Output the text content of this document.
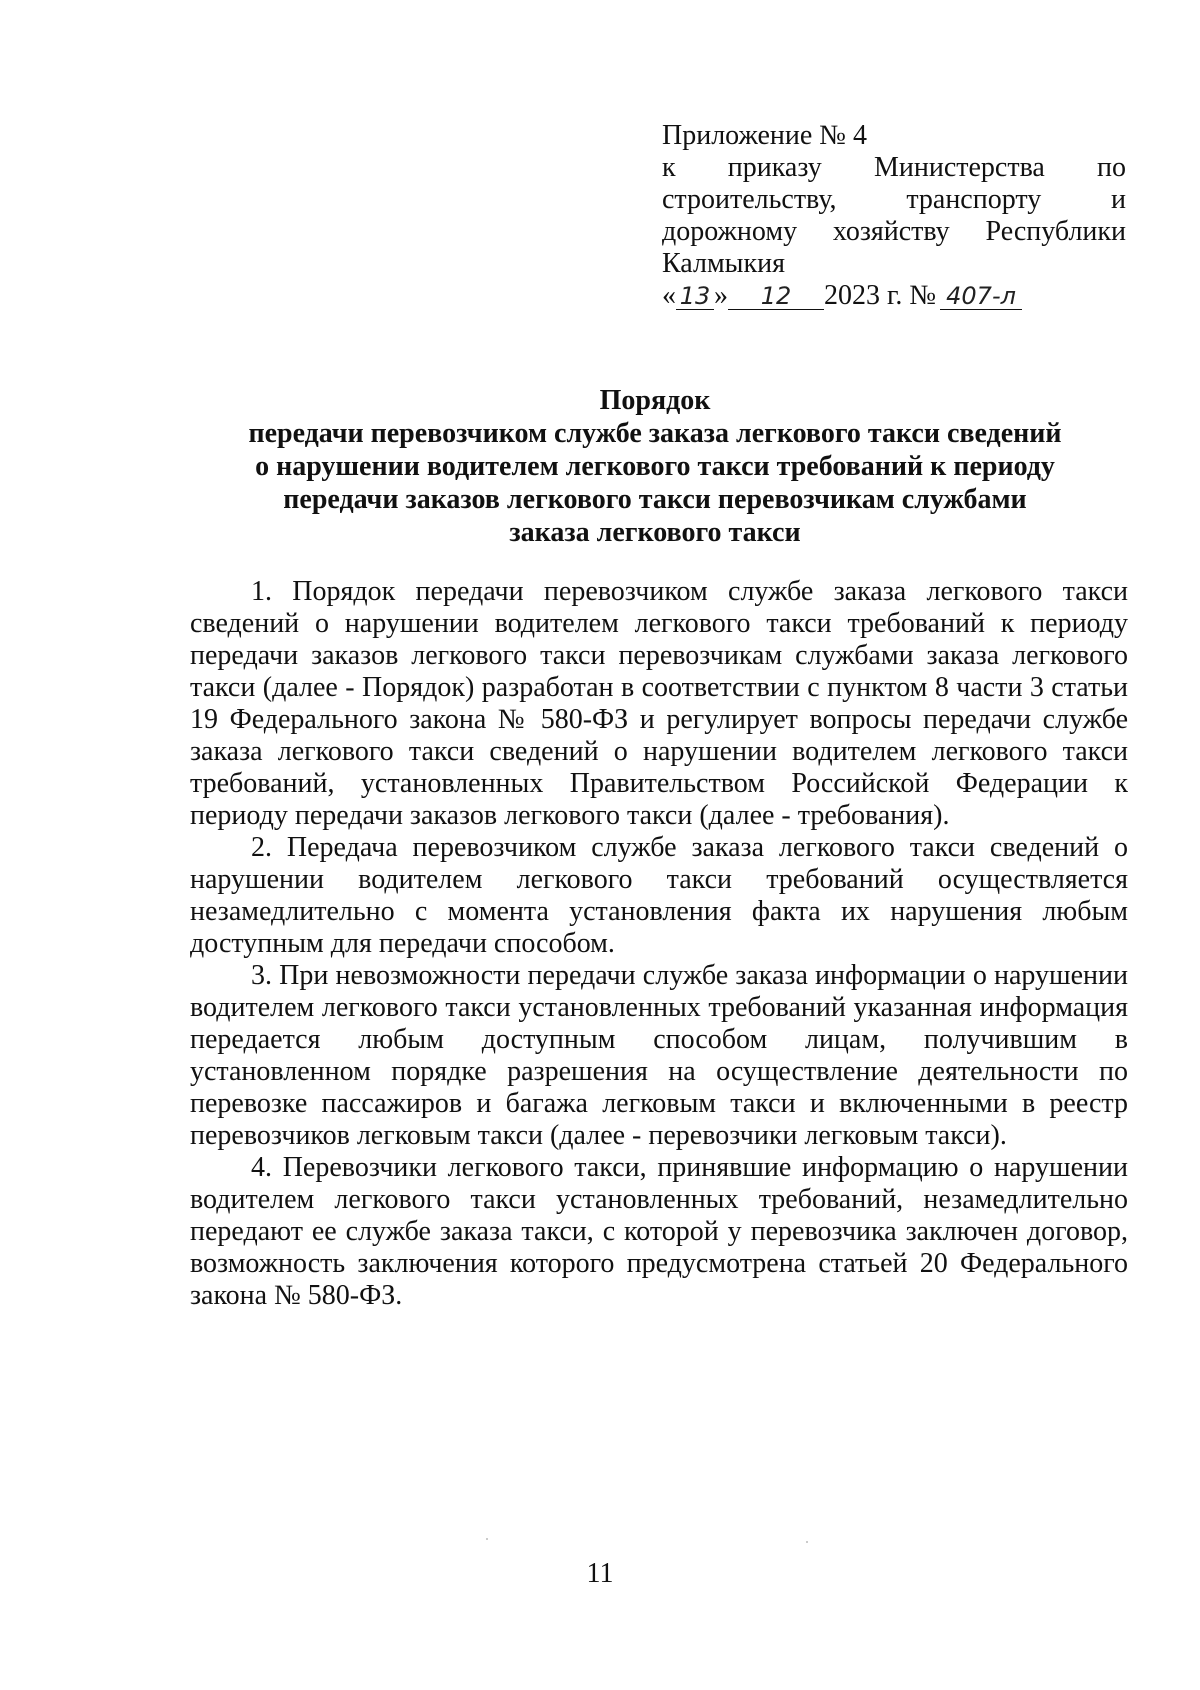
Приложение № 4
к приказу Министерства по
строительству, транспорту и
дорожному хозяйству Республики
Калмыкия
« 13 » 12 2023 г. № 407-л
Порядок
передачи перевозчиком службе заказа легкового такси сведений
о нарушении водителем легкового такси требований к периоду
передачи заказов легкового такси перевозчикам службами
заказа легкового такси

1. Порядок передачи перевозчиком службе заказа легкового такси сведений о нарушении водителем легкового такси требований к периоду передачи заказов легкового такси перевозчикам службами заказа легкового такси (далее - Порядок) разработан в соответствии с пунктом 8 части 3 статьи 19 Федерального закона № 580-ФЗ и регулирует вопросы передачи службе заказа легкового такси сведений о нарушении водителем легкового такси требований, установленных Правительством Российской Федерации к периоду передачи заказов легкового такси (далее - требования).

2. Передача перевозчиком службе заказа легкового такси сведений о нарушении водителем легкового такси требований осуществляется незамедлительно с момента установления факта их нарушения любым доступным для передачи способом.

3. При невозможности передачи службе заказа информации о нарушении водителем легкового такси установленных требований указанная информация передается любым доступным способом лицам, получившим в установленном порядке разрешения на осуществление деятельности по перевозке пассажиров и багажа легковым такси и включенными в реестр перевозчиков легковым такси (далее - перевозчики легковым такси).

4. Перевозчики легкового такси, принявшие информацию о нарушении водителем легкового такси установленных требований, незамедлительно передают ее службе заказа такси, с которой у перевозчика заключен договор, возможность заключения которого предусмотрена статьей 20 Федерального закона № 580-ФЗ.

11
